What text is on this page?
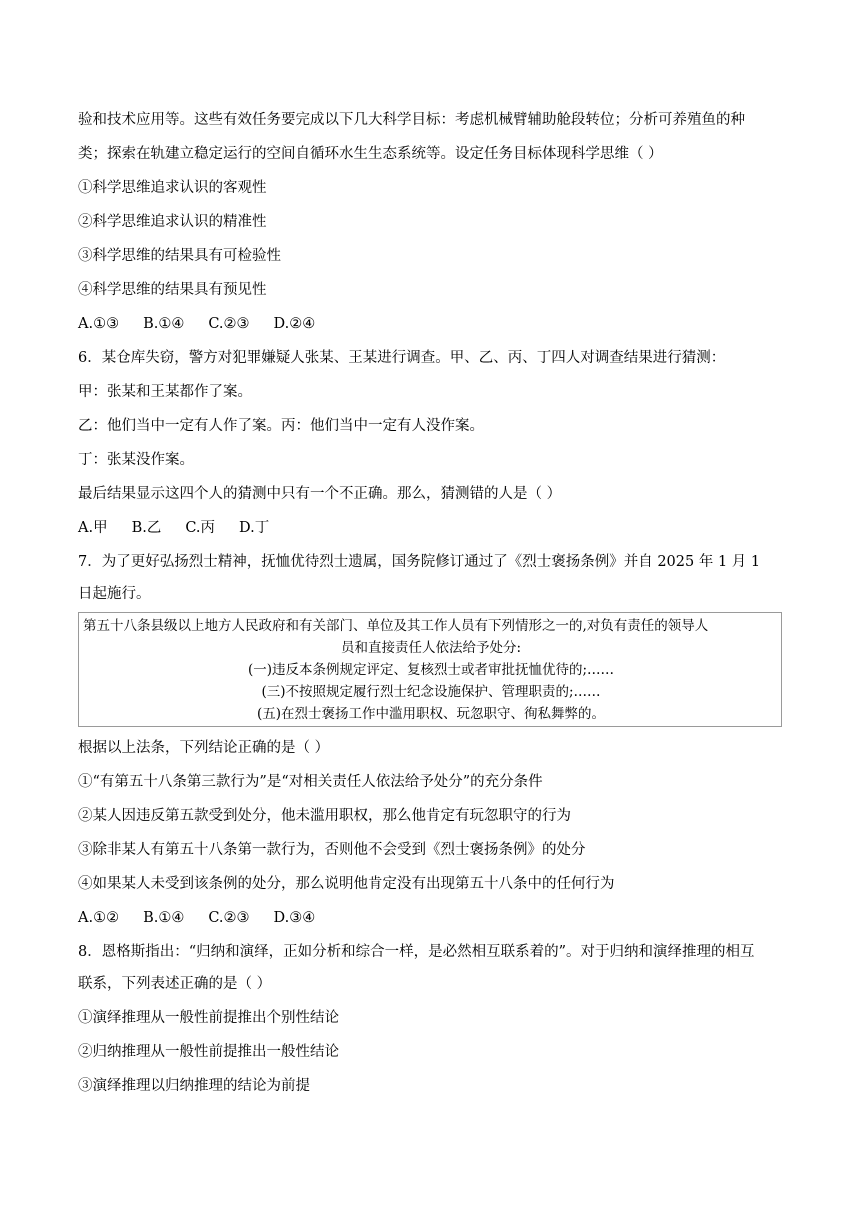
验和技术应用等。这些有效任务要完成以下几大科学目标：考虑机械臂辅助舱段转位；分析可养殖鱼的种
类；探索在轨建立稳定运行的空间自循环水生生态系统等。设定任务目标体现科学思维（ ）
①科学思维追求认识的客观性
②科学思维追求认识的精准性
③科学思维的结果具有可检验性
④科学思维的结果具有预见性
A.①③ B.①④ C.②③ D.②④
6．某仓库失窃，警方对犯罪嫌疑人张某、王某进行调查。甲、乙、丙、丁四人对调查结果进行猜测：
甲：张某和王某都作了案。
乙：他们当中一定有人作了案。丙：他们当中一定有人没作案。
丁：张某没作案。
最后结果显示这四个人的猜测中只有一个不正确。那么，猜测错的人是（ ）
A.甲 B.乙 C.丙 D.丁
7．为了更好弘扬烈士精神，抚恤优待烈士遗属，国务院修订通过了《烈士褒扬条例》并自 2025 年 1 月 1
日起施行。
第五十八条县级以上地方人民政府和有关部门、单位及其工作人员有下列情形之一的,对负有责任的领导人
员和直接责任人依法给予处分:
(一)违反本条例规定评定、复核烈士或者审批抚恤优待的;……
(三)不按照规定履行烈士纪念设施保护、管理职责的;……
(五)在烈士褒扬工作中滥用职权、玩忽职守、徇私舞弊的。
根据以上法条，下列结论正确的是（ ）
①“有第五十八条第三款行为”是“对相关责任人依法给予处分”的充分条件
②某人因违反第五款受到处分，他未滥用职权，那么他肯定有玩忽职守的行为
③除非某人有第五十八条第一款行为，否则他不会受到《烈士褒扬条例》的处分
④如果某人未受到该条例的处分，那么说明他肯定没有出现第五十八条中的任何行为
A.①② B.①④ C.②③ D.③④
8．恩格斯指出：“归纳和演绎，正如分析和综合一样，是必然相互联系着的”。对于归纳和演绎推理的相互
联系，下列表述正确的是（ ）
①演绎推理从一般性前提推出个别性结论
②归纳推理从一般性前提推出一般性结论
③演绎推理以归纳推理的结论为前提
